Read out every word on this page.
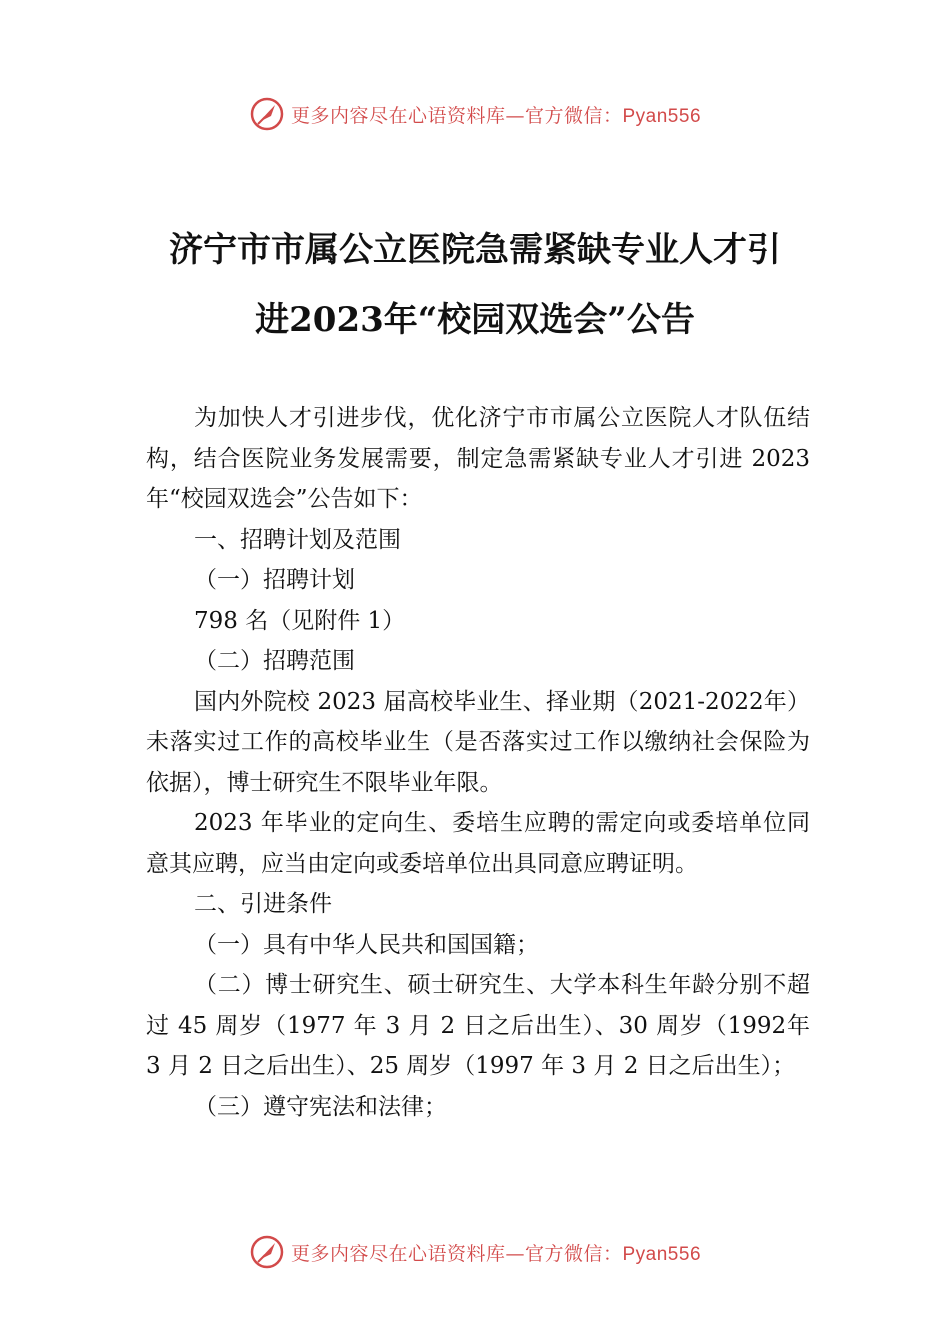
更多内容尽在心语资料库—官方微信：Pyan556
济宁市市属公立医院急需紧缺专业人才引
进2023年“校园双选会”公告

为加快人才引进步伐，优化济宁市市属公立医院人才队伍结构，结合医院业务发展需要，制定急需紧缺专业人才引进 2023 年“校园双选会”公告如下：

一、招聘计划及范围

（一）招聘计划

798 名（见附件 1）

（二）招聘范围

国内外院校 2023 届高校毕业生、择业期（2021-2022年） 未落实过工作的高校毕业生（是否落实过工作以缴纳社会保险为依据），博士研究生不限毕业年限。

2023 年毕业的定向生、委培生应聘的需定向或委培单位同意其应聘，应当由定向或委培单位出具同意应聘证明。

二、引进条件

（一）具有中华人民共和国国籍；

（二）博士研究生、硕士研究生、大学本科生年龄分别不超过 45 周岁（1977 年 3 月 2 日之后出生）、30 周岁（1992年 3 月 2 日之后出生）、25 周岁（1997 年 3 月 2 日之后出生）；

（三）遵守宪法和法律；

更多内容尽在心语资料库—官方微信：Pyan556
